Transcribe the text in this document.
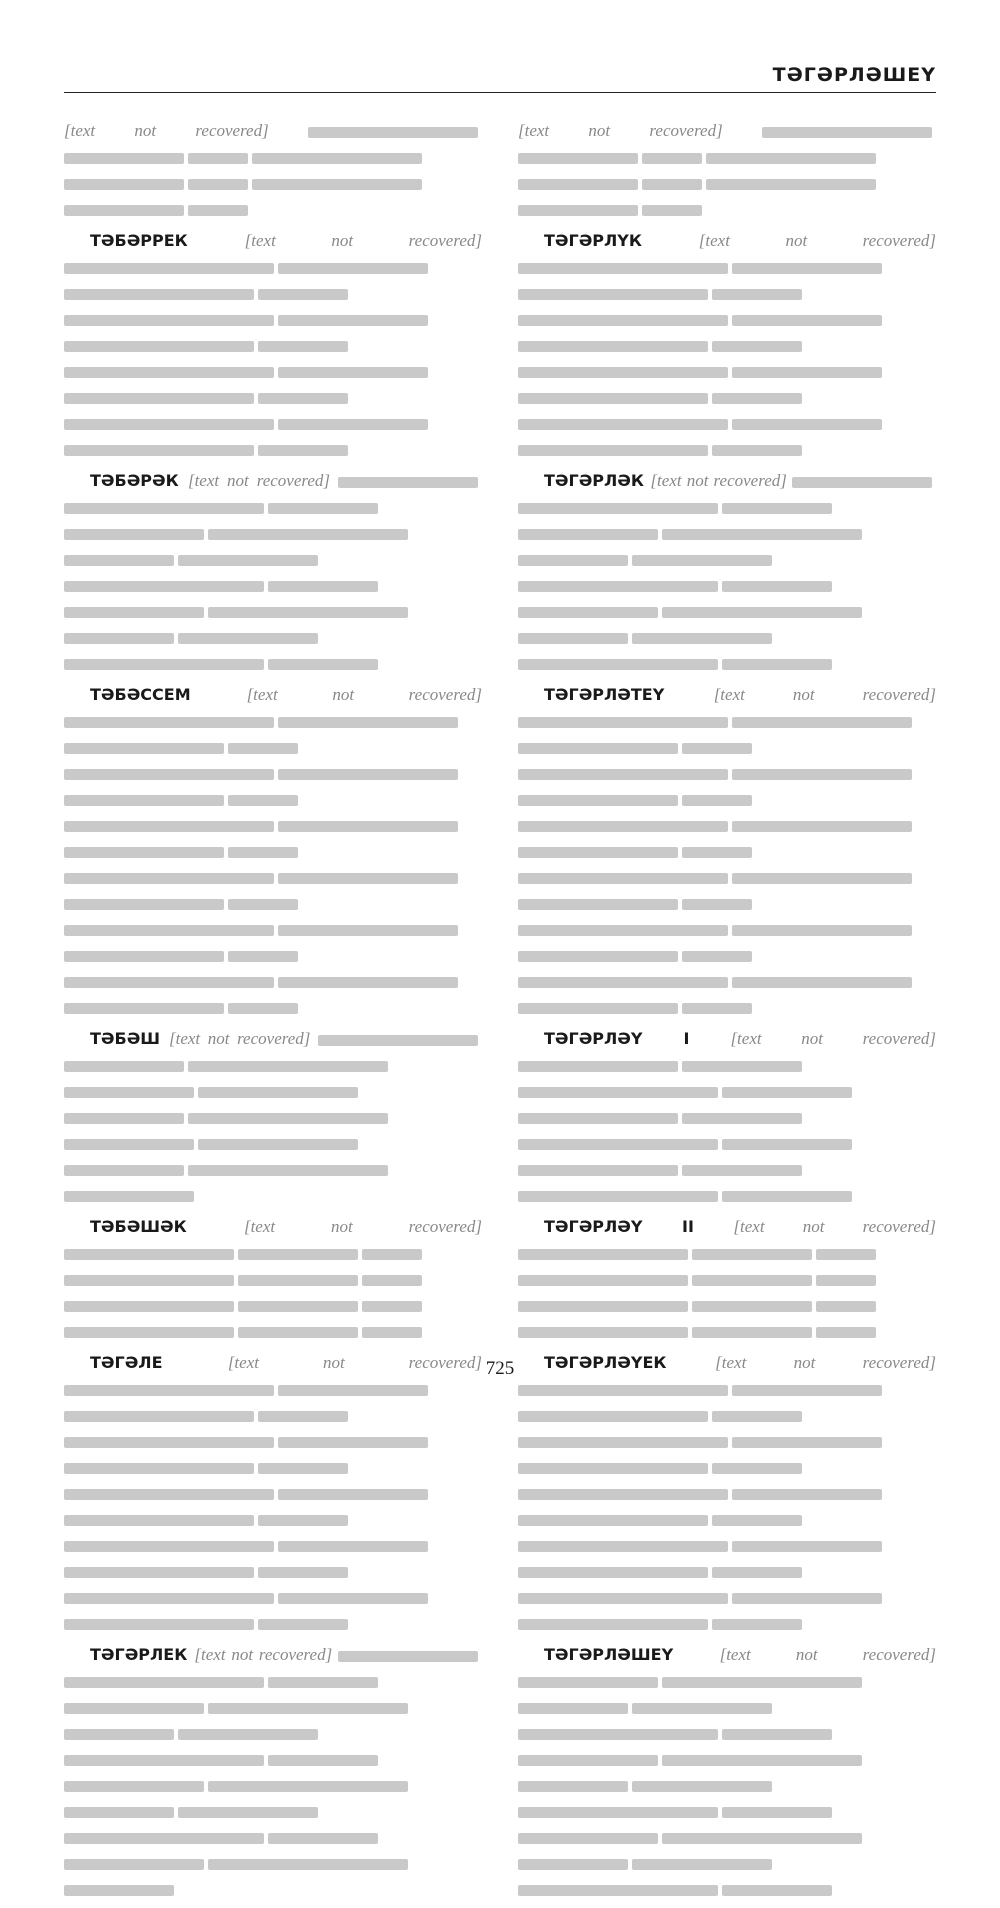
ТӘГӘРЛӘШЕҮ

[text not recovered]

ТӘБӘРРЕК [text not recovered]

ТӘБӘРӘК [text not recovered]

ТӘБӘССЕМ [text not recovered]

ТӘБӘШ [text not recovered]

ТӘБӘШӘК [text not recovered]

ТӘГӘЛЕ [text not recovered]

ТӘГӘРЛЕК [text not recovered]

[text not recovered]

ТӘГӘРЛҮК [text not recovered]

ТӘГӘРЛӘК [text not recovered]

ТӘГӘРЛӘТЕҮ [text not recovered]

ТӘГӘРЛӘҮ I [text not recovered]

ТӘГӘРЛӘҮ II [text not recovered]

ТӘГӘРЛӘҮЕК [text not recovered]

ТӘГӘРЛӘШЕҮ [text not recovered]

725
